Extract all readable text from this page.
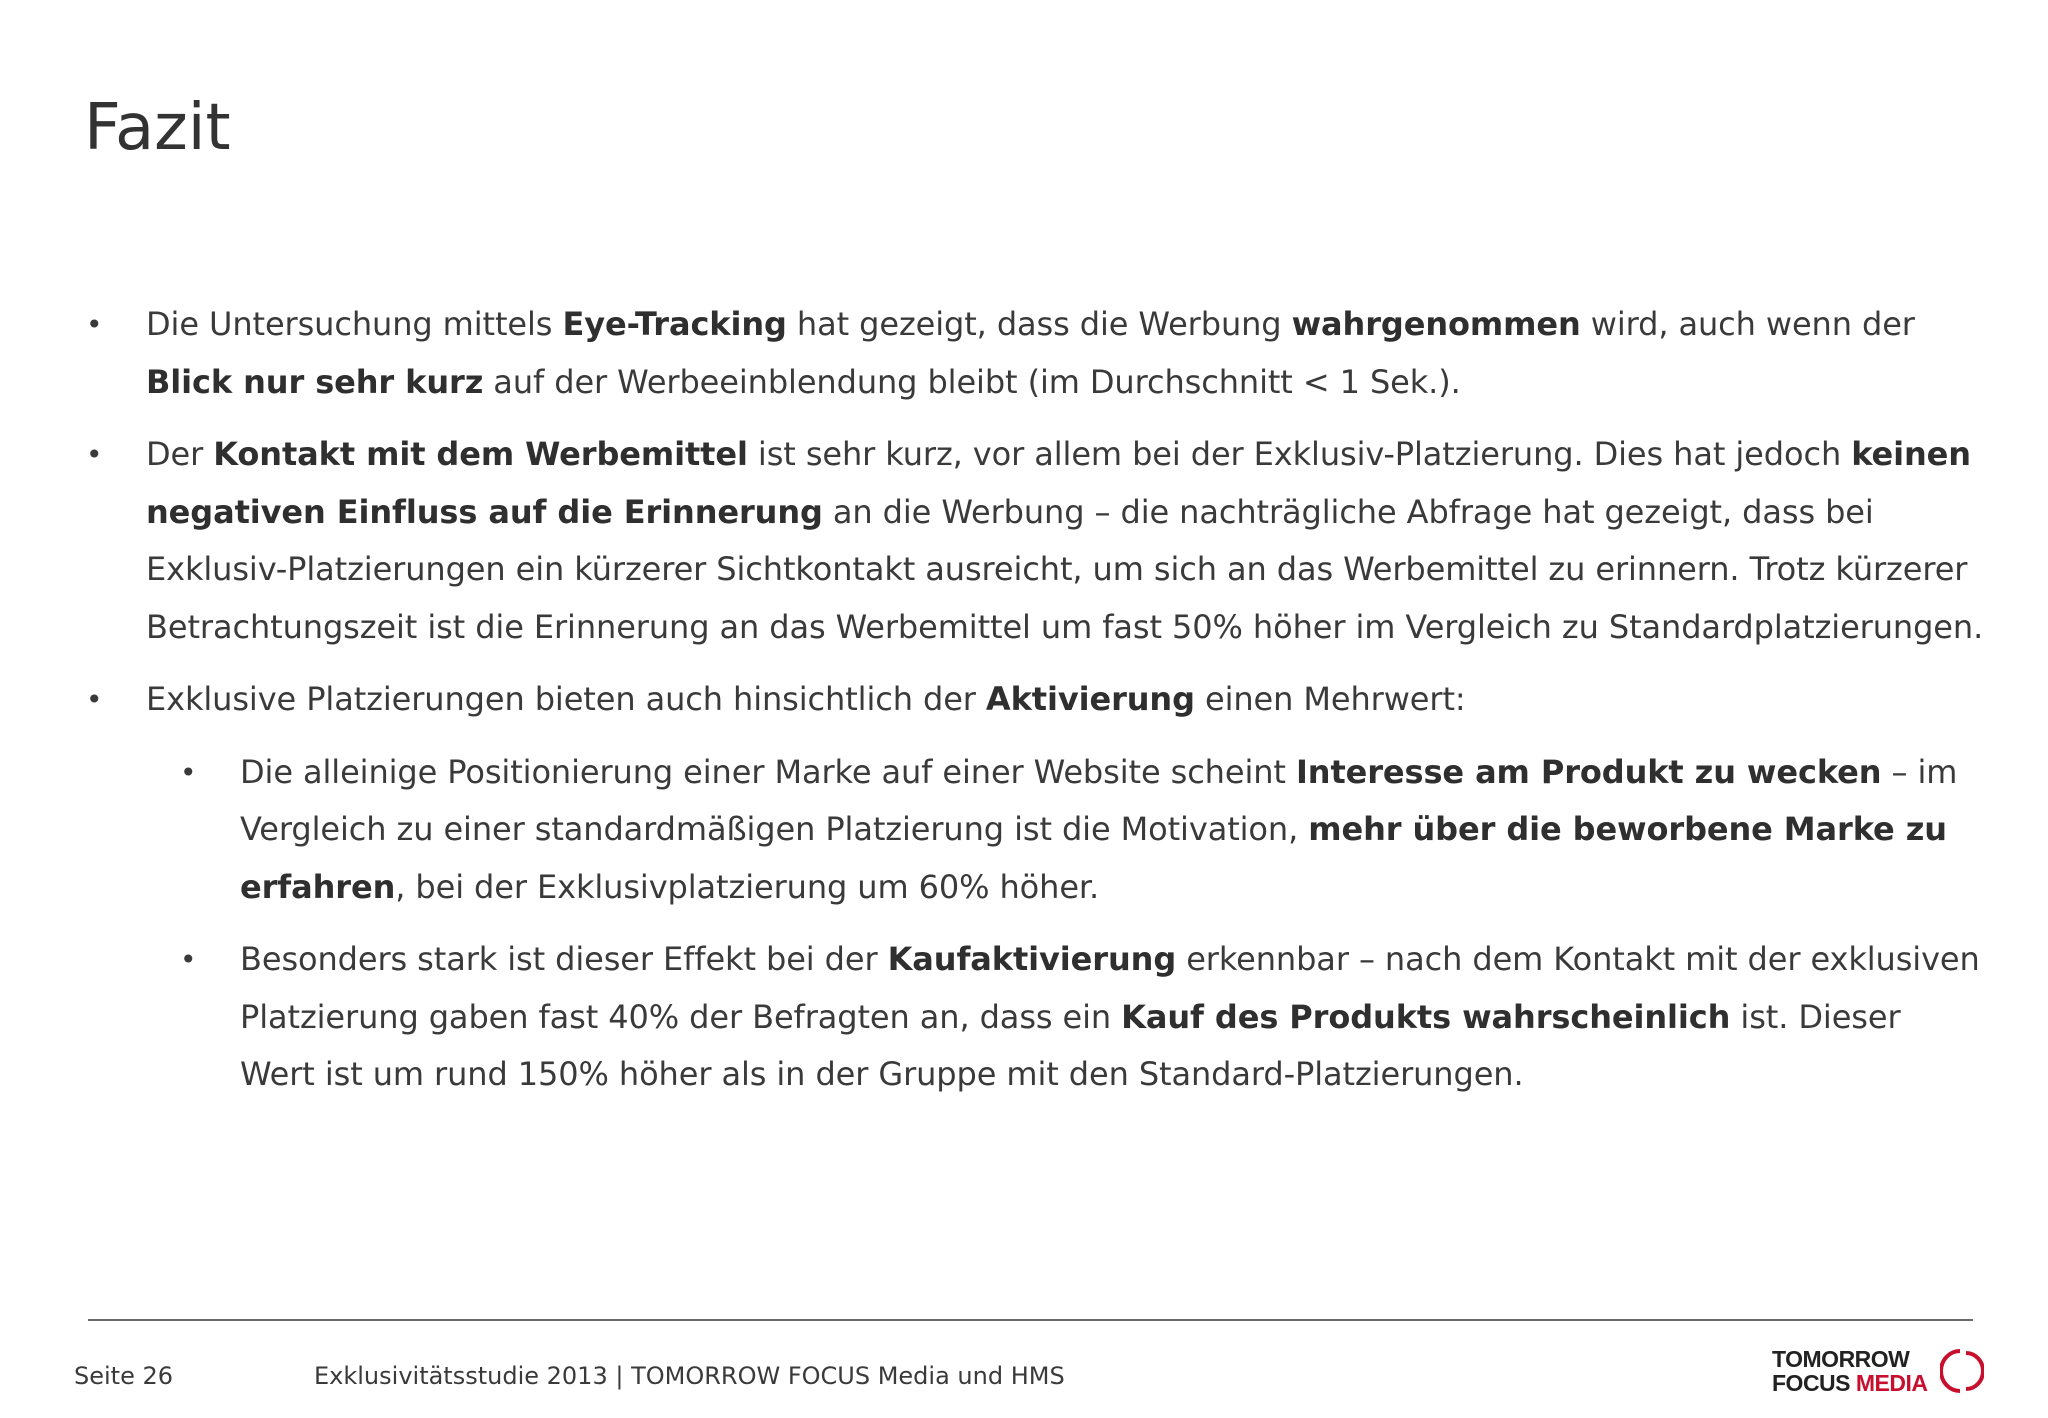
Fazit
• Die Untersuchung mittels Eye-Tracking hat gezeigt, dass die Werbung wahrgenommen wird, auch wenn der Blick nur sehr kurz auf der Werbeeinblendung bleibt (im Durchschnitt < 1 Sek.).
• Der Kontakt mit dem Werbemittel ist sehr kurz, vor allem bei der Exklusiv-Platzierung. Dies hat jedoch keinen negativen Einfluss auf die Erinnerung an die Werbung – die nachträgliche Abfrage hat gezeigt, dass bei Exklusiv-Platzierungen ein kürzerer Sichtkontakt ausreicht, um sich an das Werbemittel zu erinnern. Trotz kürzerer Betrachtungszeit ist die Erinnerung an das Werbemittel um fast 50% höher im Vergleich zu Standardplatzierungen.
• Exklusive Platzierungen bieten auch hinsichtlich der Aktivierung einen Mehrwert:
• Die alleinige Positionierung einer Marke auf einer Website scheint Interesse am Produkt zu wecken – im Vergleich zu einer standardmäßigen Platzierung ist die Motivation, mehr über die beworbene Marke zu erfahren, bei der Exklusivplatzierung um 60% höher.
• Besonders stark ist dieser Effekt bei der Kaufaktivierung erkennbar – nach dem Kontakt mit der exklusiven Platzierung gaben fast 40% der Befragten an, dass ein Kauf des Produkts wahrscheinlich ist. Dieser Wert ist um rund 150% höher als in der Gruppe mit den Standard-Platzierungen.
Seite 26	Exklusivitätsstudie 2013 | TOMORROW FOCUS Media und HMS
TOMORROW
FOCUS MEDIA
